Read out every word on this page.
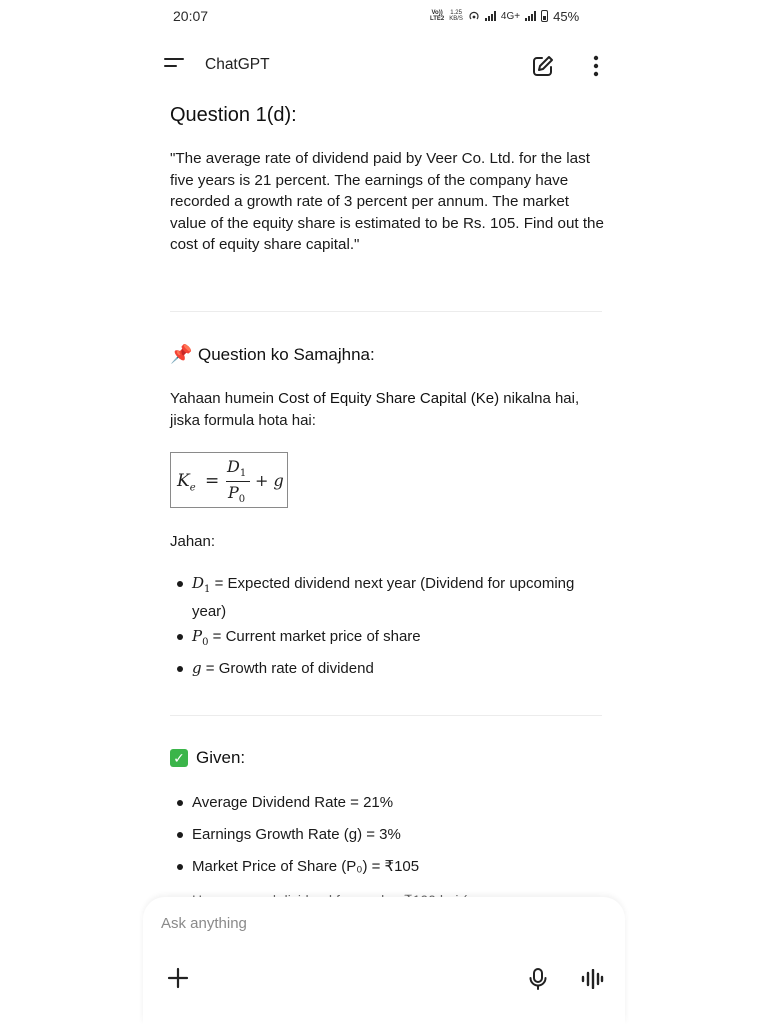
20:07	Vo))
LTE2
1.25
KB/S	4G+	45%
ChatGPT
Question 1(d):
"The average rate of dividend paid by Veer Co. Ltd. for the last five years is 21 percent. The earnings of the company have recorded a growth rate of 3 percent per annum. The market value of the equity share is estimated to be Rs. 105. Find out the cost of equity share capital."
📌 Question ko Samajhna:
Yahaan humein Cost of Equity Share Capital (Ke) nikalna hai, jiska formula hota hai:
$K_e$ =
$D_1$
$P_0$
+ g
Jahan:
$D_1$ = Expected dividend next year (Dividend for upcoming year)
$P_0$ = Current market price of share
g = Growth rate of dividend
✓ Given:
Average Dividend Rate = 21%
Earnings Growth Rate (g) = 3%
Market Price of Share (P₀) = ₹105
Ask anything
